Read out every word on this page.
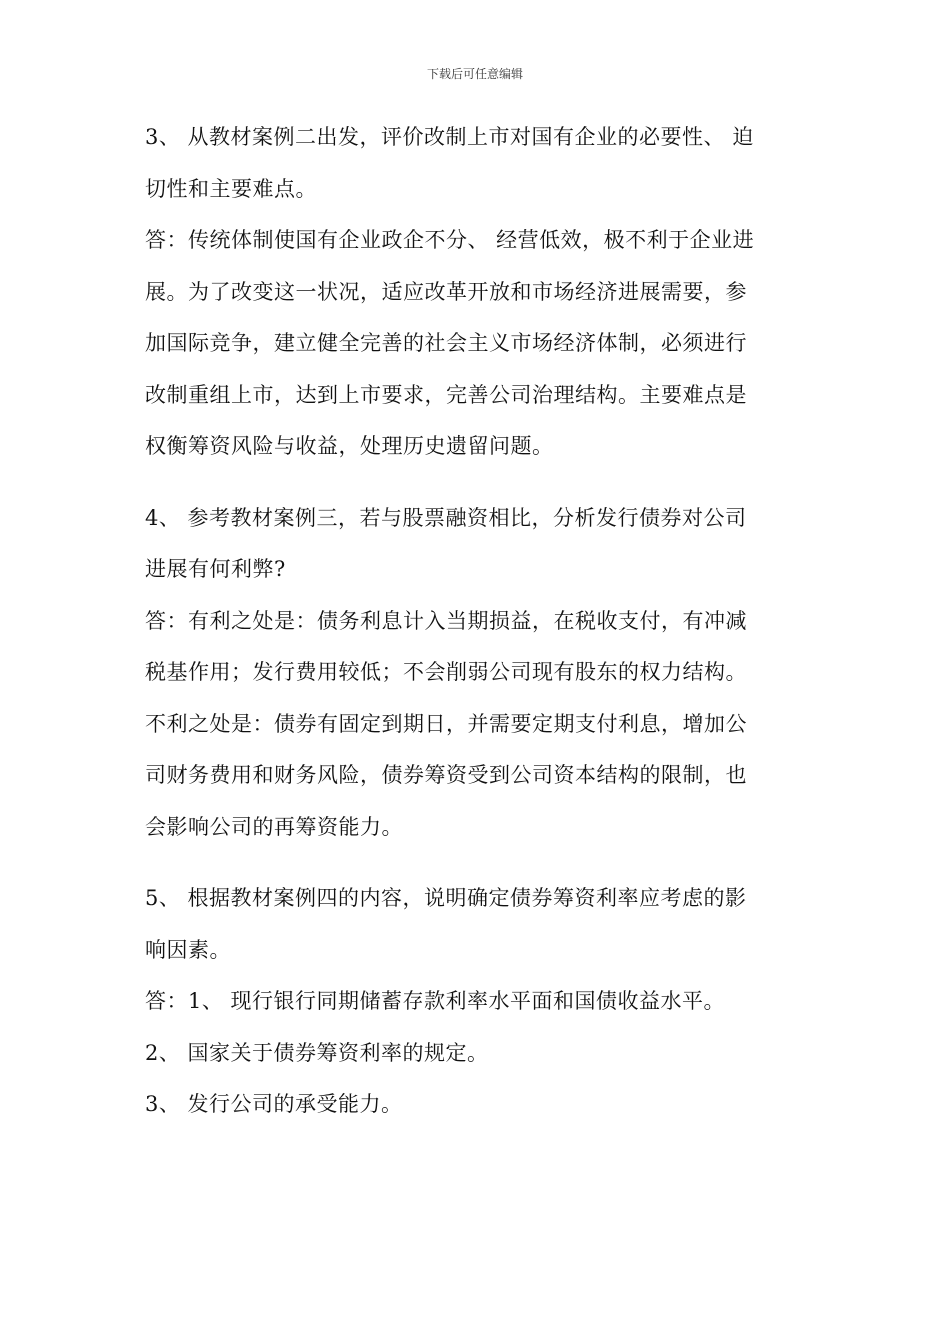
下载后可任意编辑
3、 从教材案例二出发，评价改制上市对国有企业的必要性、 迫
切性和主要难点。
答：传统体制使国有企业政企不分、 经营低效，极不利于企业进
展。为了改变这一状况，适应改革开放和市场经济进展需要，参
加国际竞争，建立健全完善的社会主义市场经济体制，必须进行
改制重组上市，达到上市要求，完善公司治理结构。主要难点是
权衡筹资风险与收益，处理历史遗留问题。
4、 参考教材案例三，若与股票融资相比，分析发行债券对公司
进展有何利弊?
答：有利之处是：债务利息计入当期损益，在税收支付，有冲减
税基作用；发行费用较低；不会削弱公司现有股东的权力结构。
不利之处是：债券有固定到期日，并需要定期支付利息，增加公
司财务费用和财务风险，债券筹资受到公司资本结构的限制，也
会影响公司的再筹资能力。
5、 根据教材案例四的内容，说明确定债券筹资利率应考虑的影
响因素。
答：1、 现行银行同期储蓄存款利率水平面和国债收益水平。
2、 国家关于债券筹资利率的规定。
3、 发行公司的承受能力。
